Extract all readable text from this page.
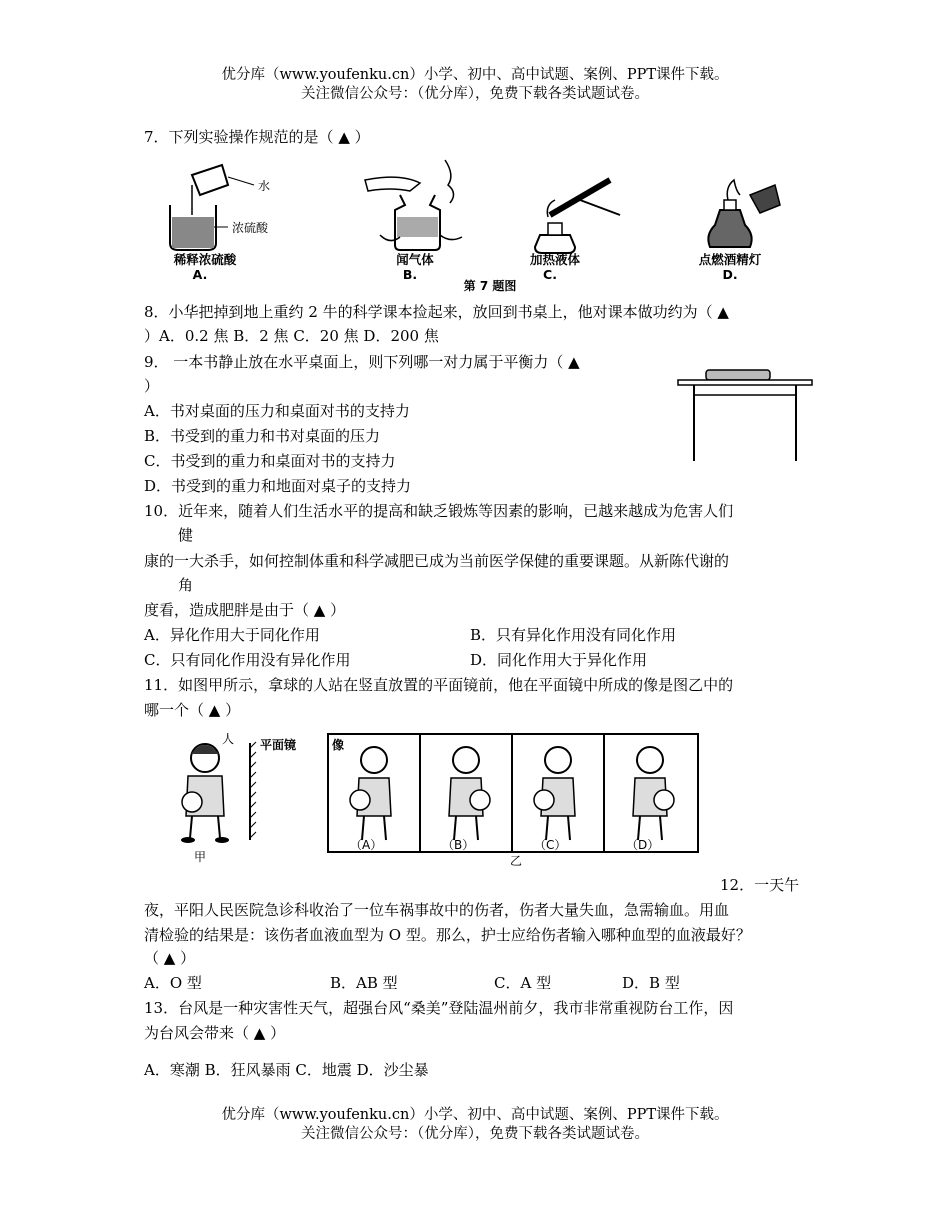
优分库（www.youfenku.cn）小学、初中、高中试题、案例、PPT课件下载。
关注微信公众号：（优分库），免费下载各类试题试卷。
7．下列实验操作规范的是（ ▲ ）
水
浓硫酸
稀释浓硫酸
A.
闻气体
B.
加热液体
C.
点燃酒精灯
D.
第 7 题图
8．小华把掉到地上重约 2 牛的科学课本捡起来，放回到书桌上，他对课本做功约为（ ▲
）A．0.2 焦 B．2 焦 C．20 焦 D．200 焦
9． 一本书静止放在水平桌面上，则下列哪一对力属于平衡力（ ▲
）
A．书对桌面的压力和桌面对书的支持力
B．书受到的重力和书对桌面的压力
C．书受到的重力和桌面对书的支持力
D．书受到的重力和地面对桌子的支持力
10．近年来，随着人们生活水平的提高和缺乏锻炼等因素的影响，已越来越成为危害人们
健
康的一大杀手，如何控制体重和科学减肥已成为当前医学保健的重要课题。从新陈代谢的
角
度看，造成肥胖是由于（ ▲ ）
A．异化作用大于同化作用	B．只有异化作用没有同化作用
C．只有同化作用没有异化作用	D．同化作用大于异化作用
11．如图甲所示，拿球的人站在竖直放置的平面镜前，他在平面镜中所成的像是图乙中的
哪一个（ ▲ ）
人 平面镜	像
甲
（A）	（B）	（C）	（D）
乙
12．一天午
夜，平阳人民医院急诊科收治了一位车祸事故中的伤者，伤者大量失血，急需输血。用血
清检验的结果是：该伤者血液血型为 O 型。那么，护士应给伤者输入哪种血型的血液最好？
（ ▲ ）
A．O 型	B．AB 型	C．A 型	D．B 型
13．台风是一种灾害性天气，超强台风“桑美”登陆温州前夕，我市非常重视防台工作，因
为台风会带来（ ▲ ）
A．寒潮 B．狂风暴雨 C．地震 D．沙尘暴
优分库（www.youfenku.cn）小学、初中、高中试题、案例、PPT课件下载。
关注微信公众号：（优分库），免费下载各类试题试卷。
